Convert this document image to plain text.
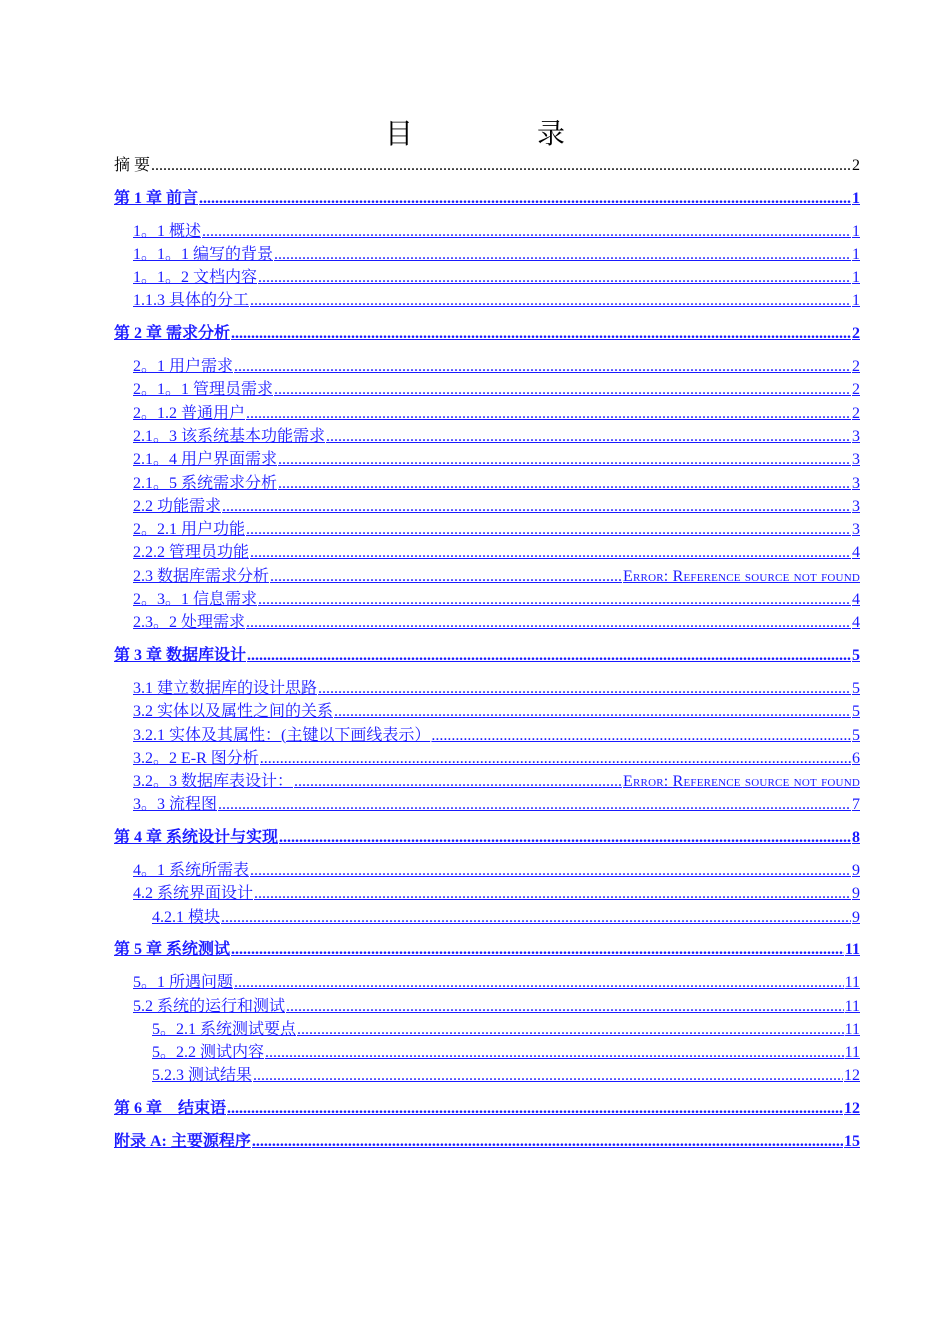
目　录
摘 要 .....	2
第 1 章 前言 .....	1
1。1 概述 .....	1
1。1。1 编写的背景 .....	1
1。1。2 文档内容 .....	1
1.1.3 具体的分工 .....	1
第 2 章 需求分析 .....	2
2。1 用户需求 .....	2
2。1。1 管理员需求 .....	2
2。1.2 普通用户 .....	2
2.1。3 该系统基本功能需求 .....	3
2.1。4 用户界面需求 .....	3
2.1。5 系统需求分析 .....	3
2.2 功能需求 .....	3
2。2.1 用户功能 .....	3
2.2.2 管理员功能 .....	4
2.3 数据库需求分析 .....	Error: Reference source not found
2。3。1 信息需求 .....	4
2.3。2 处理需求 .....	4
第 3 章 数据库设计 .....	5
3.1 建立数据库的设计思路 .....	5
3.2 实体以及属性之间的关系 .....	5
3.2.1 实体及其属性：(主键以下画线表示） .....	5
3.2。2 E-R 图分析 .....	6
3.2。3 数据库表设计： .....	Error: Reference source not found
3。3 流程图 .....	7
第 4 章 系统设计与实现 .....	8
4。1 系统所需表 .....	9
4.2 系统界面设计 .....	9
4.2.1 模块 .....	9
第 5 章 系统测试 .....	11
5。1 所遇问题 .....	11
5.2 系统的运行和测试 .....	11
5。2.1 系统测试要点 .....	11
5。2.2 测试内容 .....	11
5.2.3 测试结果 .....	12
第 6 章　结束语 .....	12
附录 A: 主要源程序 .....	15
